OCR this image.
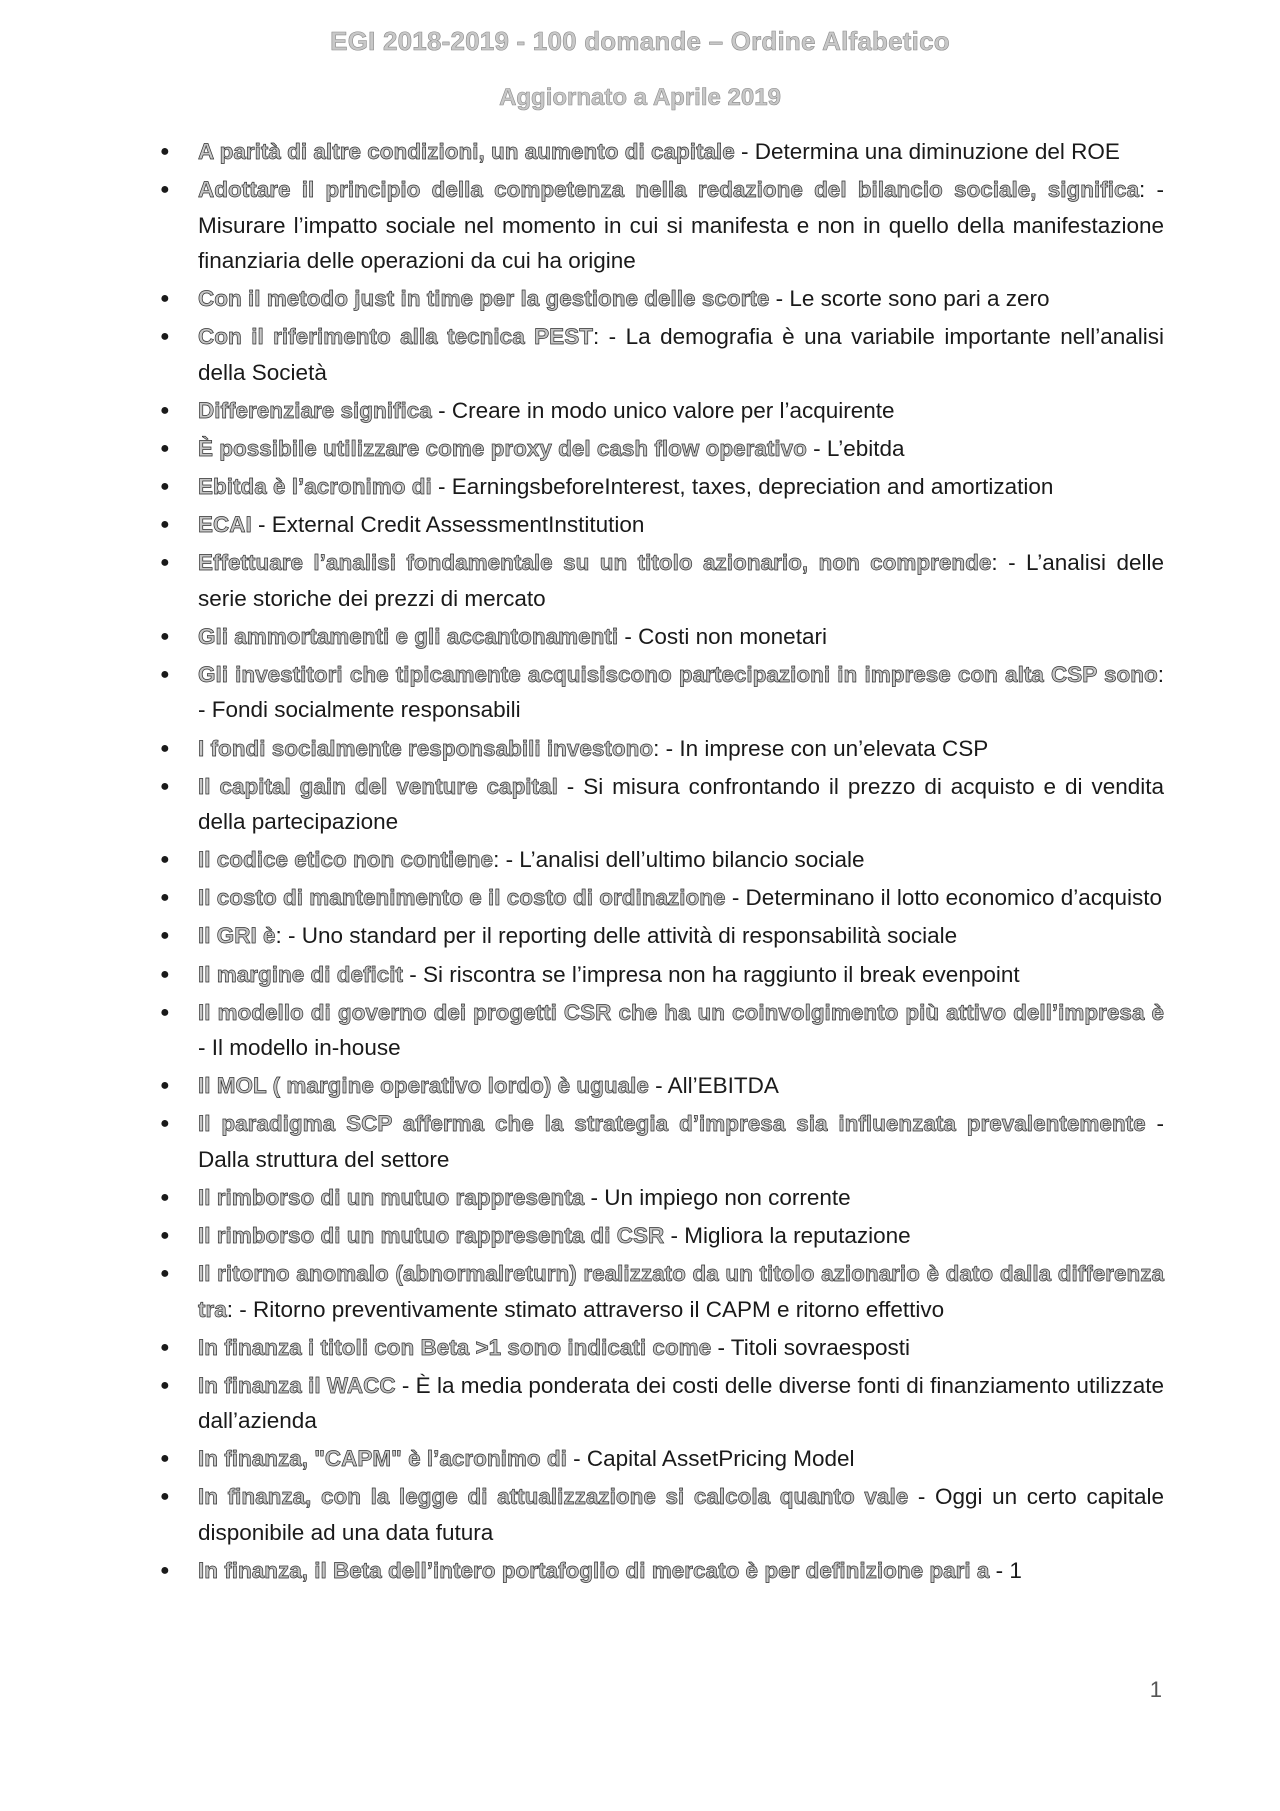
EGI 2018-2019 - 100 domande – Ordine Alfabetico
Aggiornato a Aprile 2019
● A parità di altre condizioni, un aumento di capitale - Determina una diminuzione del ROE
● Adottare il principio della competenza nella redazione del bilancio sociale, significa: - Misurare l’impatto sociale nel momento in cui si manifesta e non in quello della manifestazione finanziaria delle operazioni da cui ha origine
● Con il metodo just in time per la gestione delle scorte - Le scorte sono pari a zero
● Con il riferimento alla tecnica PEST: - La demografia è una variabile importante nell’analisi della Società
● Differenziare significa - Creare in modo unico valore per l’acquirente
● È possibile utilizzare come proxy del cash flow operativo - L’ebitda
● Ebitda è l’acronimo di - EarningsbeforeInterest, taxes, depreciation and amortization
● ECAI - External Credit AssessmentInstitution
● Effettuare l’analisi fondamentale su un titolo azionario, non comprende: - L’analisi delle serie storiche dei prezzi di mercato
● Gli ammortamenti e gli accantonamenti - Costi non monetari
● Gli investitori che tipicamente acquisiscono partecipazioni in imprese con alta CSP sono: - Fondi socialmente responsabili
● I fondi socialmente responsabili investono: - In imprese con un’elevata CSP
● Il capital gain del venture capital - Si misura confrontando il prezzo di acquisto e di vendita della partecipazione
● Il codice etico non contiene: - L’analisi dell’ultimo bilancio sociale
● Il costo di mantenimento e il costo di ordinazione - Determinano il lotto economico d’acquisto
● Il GRI è: - Uno standard per il reporting delle attività di responsabilità sociale
● Il margine di deficit - Si riscontra se l’impresa non ha raggiunto il break evenpoint
● Il modello di governo dei progetti CSR che ha un coinvolgimento più attivo dell’impresa è - Il modello in-house
● Il MOL ( margine operativo lordo) è uguale - All’EBITDA
● Il paradigma SCP afferma che la strategia d’impresa sia influenzata prevalentemente - Dalla struttura del settore
● Il rimborso di un mutuo rappresenta - Un impiego non corrente
● Il rimborso di un mutuo rappresenta di CSR - Migliora la reputazione
● Il ritorno anomalo (abnormalreturn) realizzato da un titolo azionario è dato dalla differenza tra: - Ritorno preventivamente stimato attraverso il CAPM e ritorno effettivo
● In finanza i titoli con Beta >1 sono indicati come - Titoli sovraesposti
● In finanza il WACC - È la media ponderata dei costi delle diverse fonti di finanziamento utilizzate dall’azienda
● In finanza, "CAPM" è l’acronimo di - Capital AssetPricing Model
● In finanza, con la legge di attualizzazione si calcola quanto vale - Oggi un certo capitale disponibile ad una data futura
● In finanza, il Beta dell’intero portafoglio di mercato è per definizione pari a - 1
1
